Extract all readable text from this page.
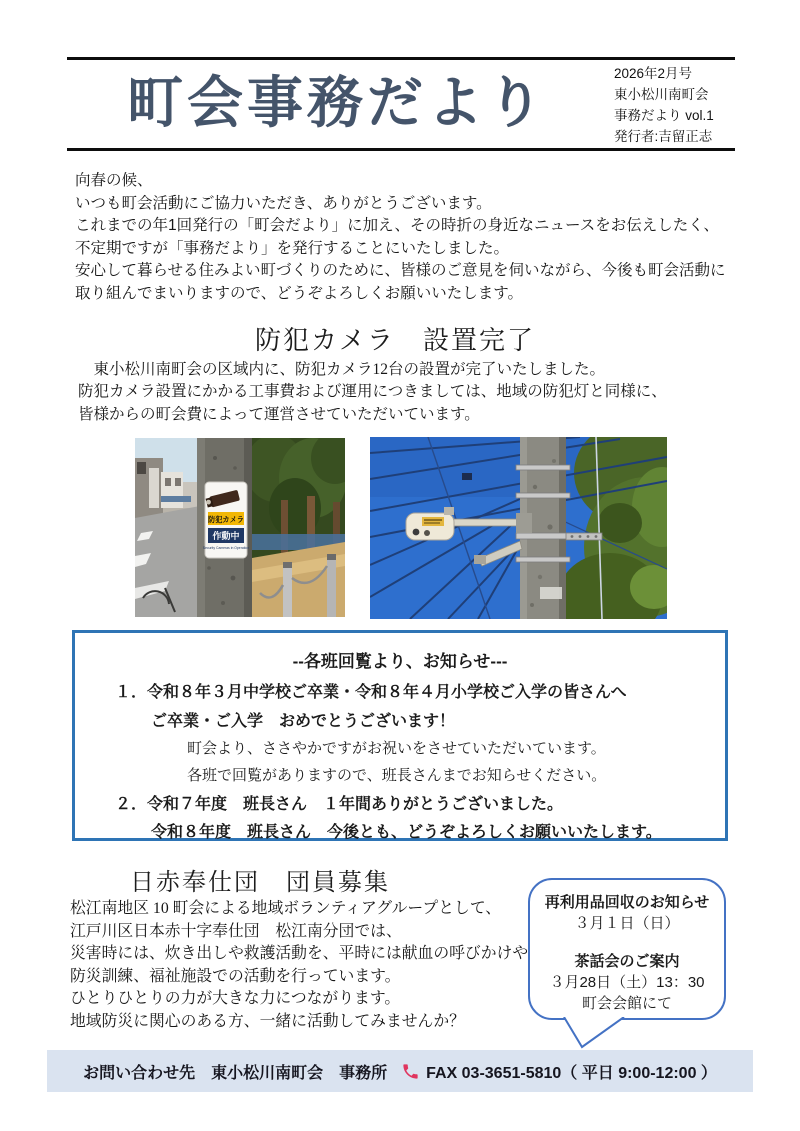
町会事務だより	2026年2月号
東小松川南町会
事務だより vol.1
発行者:吉留正志
向春の候、
いつも町会活動にご協力いただき、ありがとうございます。
これまでの年1回発行の「町会だより」に加え、その時折の身近なニュースをお伝えしたく、
不定期ですが「事務だより」を発行することにいたしました。
安心して暮らせる住みよい町づくりのために、皆様のご意見を伺いながら、今後も町会活動に
取り組んでまいりますので、どうぞよろしくお願いいたします。
防犯カメラ　設置完了
　東小松川南町会の区域内に、防犯カメラ12台の設置が完了いたしました。
防犯カメラ設置にかかる工事費および運用につきましては、地域の防犯灯と同様に、
皆様からの町会費によって運営させていただいています。
防犯カメラ
作動中
Security Cameras in Operation
--各班回覧より、お知らせ---
１．令和８年３月中学校ご卒業・令和８年４月小学校ご入学の皆さんへ
ご卒業・ご入学　おめでとうございます！
町会より、ささやかですがお祝いをさせていただいています。
各班で回覧がありますので、班長さんまでお知らせください。
２．令和７年度　班長さん　１年間ありがとうございました。
令和８年度　班長さん　今後とも、どうぞよろしくお願いいたします。
日赤奉仕団　団員募集
松江南地区 10 町会による地域ボランティアグループとして、
江戸川区日本赤十字奉仕団　松江南分団では、
災害時には、炊き出しや救護活動を、平時には献血の呼びかけや
防災訓練、福祉施設での活動を行っています。
ひとりひとりの力が大きな力につながります。
地域防災に関心のある方、一緒に活動してみませんか？
再利用品回収のお知らせ
３月１日（日）
茶話会のご案内
３月28日（土）13：30
町会会館にて
お問い合わせ先　東小松川南町会　事務所 FAX 03-3651-5810（ 平日 9:00-12:00 ）
